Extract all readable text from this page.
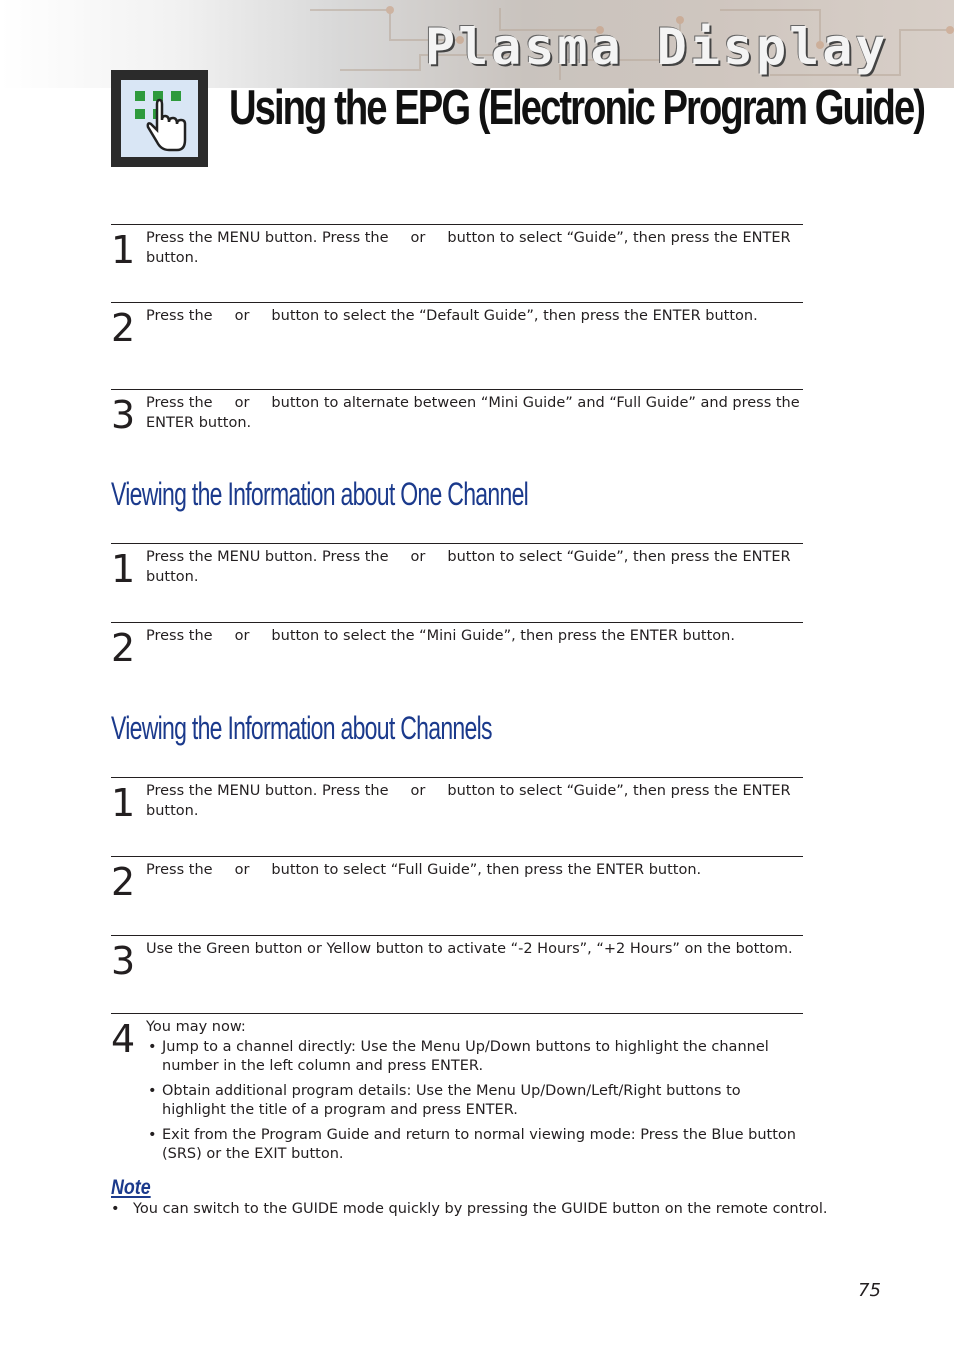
Plasma Display
Using the EPG (Electronic Program Guide)
1 Press the MENU button. Press the or button to select “Guide”, then press the ENTER button.
2 Press the or button to select the “Default Guide”, then press the ENTER button.
3 Press the or button to alternate between “Mini Guide” and “Full Guide” and press the ENTER button.
Viewing the Information about One Channel
1 Press the MENU button. Press the or button to select “Guide”, then press the ENTER button.
2 Press the or button to select the “Mini Guide”, then press the ENTER button.
Viewing the Information about Channels
1 Press the MENU button. Press the or button to select “Guide”, then press the ENTER button.
2 Press the or button to select “Full Guide”, then press the ENTER button.
3 Use the Green button or Yellow button to activate “-2 Hours”, “+2 Hours” on the bottom.
4 You may now:
• Jump to a channel directly: Use the Menu Up/Down buttons to highlight the channel number in the left column and press ENTER.
• Obtain additional program details: Use the Menu Up/Down/Left/Right buttons to highlight the title of a program and press ENTER.
• Exit from the Program Guide and return to normal viewing mode: Press the Blue button (SRS) or the EXIT button.
Note
• You can switch to the GUIDE mode quickly by pressing the GUIDE button on the remote control.
75
